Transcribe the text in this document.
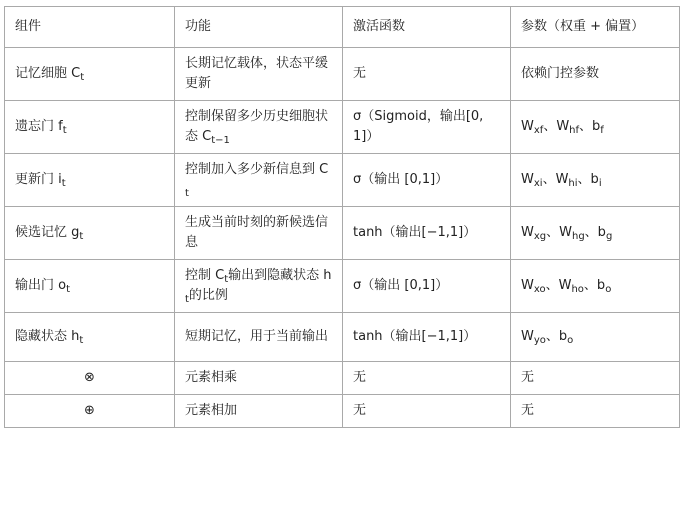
组件	功能	激活函数	参数（权重 + 偏置）
记忆细胞 $C_t$	长期记忆载体，状态平缓更新	无	依赖门控参数
遗忘门 $f_t$	控制保留多少历史细胞状态 $C_{t-1}$	σ（Sigmoid，输出[0,1]）	$W_{xf}$、$W_{hf}$、$b_f$
更新门 $i_t$	控制加入多少新信息到 $C_t$	σ（输出 [0,1]）	$W_{xi}$、$W_{hi}$、$b_i$
候选记忆 $g_t$	生成当前时刻的新候选信息	tanh（输出[−1,1]）	$W_{xg}$、$W_{hg}$、$b_g$
输出门 $o_t$	控制 $C_t$输出到隐藏状态 $h_t$的比例	σ（输出 [0,1]）	$W_{xo}$、$W_{ho}$、$b_o$
隐藏状态 $h_t$	短期记忆，用于当前输出	tanh（输出[−1,1]）	$W_{yo}$、$b_o$
⊗	元素相乘	无	无
⊕	元素相加	无	无
